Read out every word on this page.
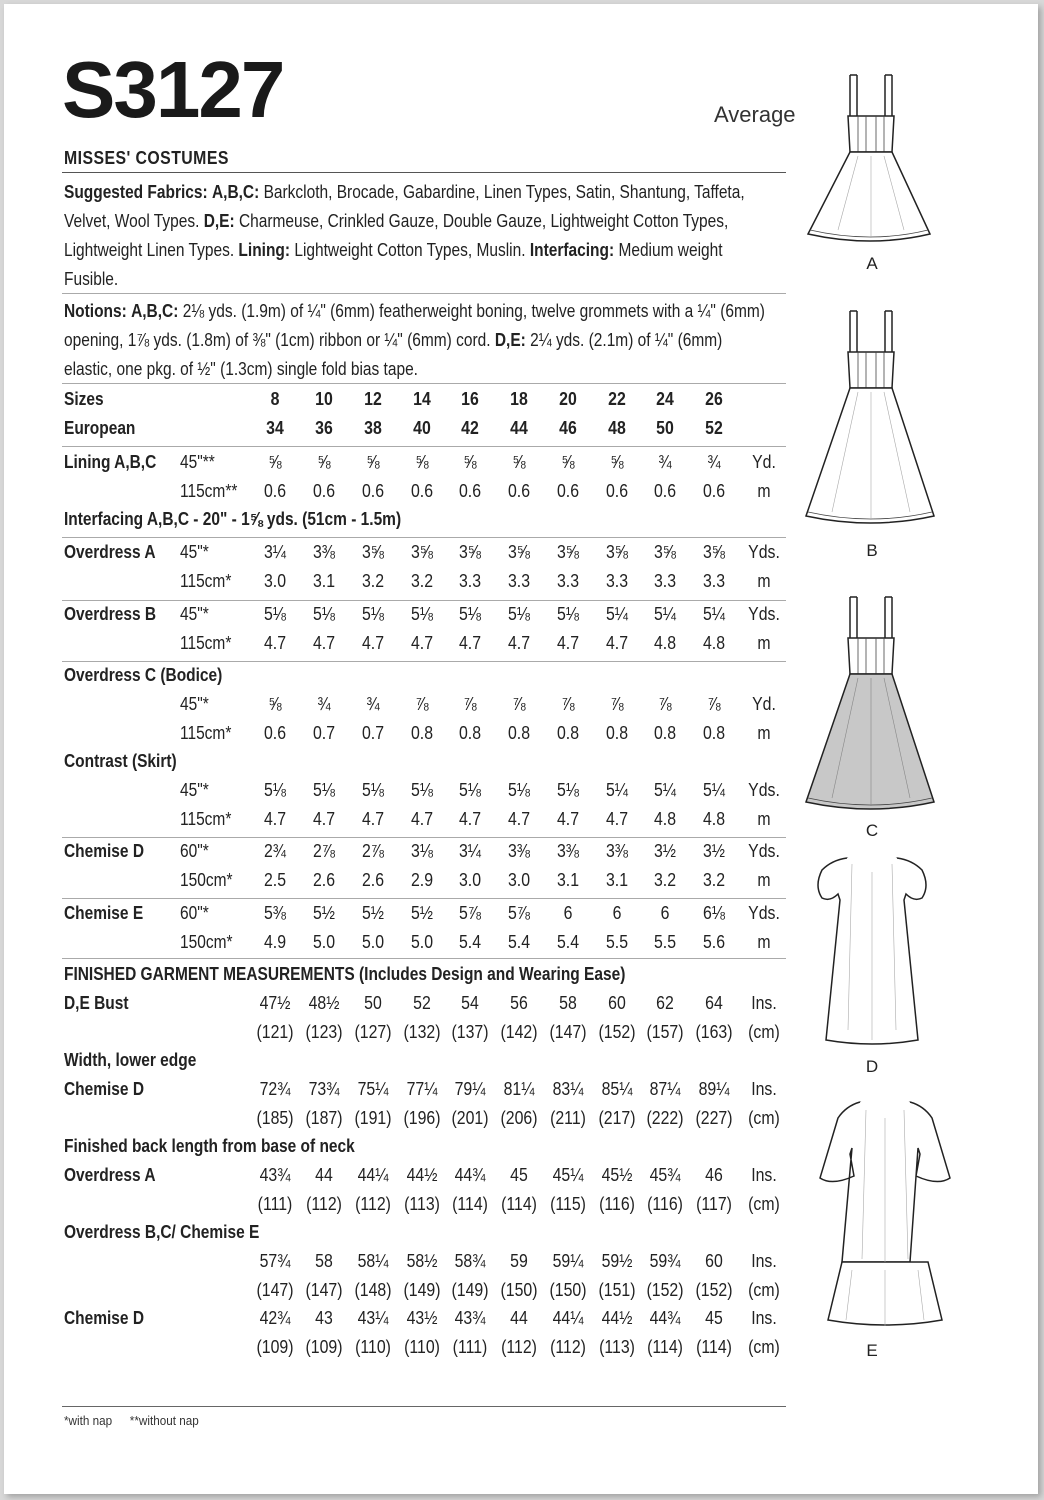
S3127	Average
MISSES' COSTUMES
Suggested Fabrics: A,B,C: Barkcloth, Brocade, Gabardine, Linen Types, Satin, Shantung, Taffeta, Velvet, Wool Types. D,E: Charmeuse, Crinkled Gauze, Double Gauze, Lightweight Cotton Types, Lightweight Linen Types. Lining: Lightweight Cotton Types, Muslin. Interfacing: Medium weight Fusible.
Notions: A,B,C: 2⅛ yds. (1.9m) of ¼" (6mm) featherweight boning, twelve grommets with a ¼" (6mm) opening, 1⅞ yds. (1.8m) of ⅜" (1cm) ribbon or ¼" (6mm) cord. D,E: 2¼ yds. (2.1m) of ¼" (6mm) elastic, one pkg. of ½" (1.3cm) single fold bias tape.
Sizes	8	10	12	14	16	18	20	22	24	26
European	34	36	38	40	42	44	46	48	50	52
Lining A,B,C 45"**	⅝	⅝	⅝	⅝	⅝	⅝	⅝	⅝	¾	¾	Yd.
115cm**	0.6	0.6	0.6	0.6	0.6	0.6	0.6	0.6	0.6	0.6	m
Interfacing A,B,C - 20" - 1⅝ yds. (51cm - 1.5m)
Overdress A 45"*	3¼	3⅜	3⅝	3⅝	3⅝	3⅝	3⅝	3⅝	3⅝	3⅝	Yds.
115cm*	3.0	3.1	3.2	3.2	3.3	3.3	3.3	3.3	3.3	3.3	m
Overdress B 45"*	5⅛	5⅛	5⅛	5⅛	5⅛	5⅛	5⅛	5¼	5¼	5¼	Yds.
115cm*	4.7	4.7	4.7	4.7	4.7	4.7	4.7	4.7	4.8	4.8	m
Overdress C (Bodice)
45"*	⅝	¾	¾	⅞	⅞	⅞	⅞	⅞	⅞	⅞	Yd.
115cm*	0.6	0.7	0.7	0.8	0.8	0.8	0.8	0.8	0.8	0.8	m
Contrast (Skirt)
45"*	5⅛	5⅛	5⅛	5⅛	5⅛	5⅛	5⅛	5¼	5¼	5¼	Yds.
115cm*	4.7	4.7	4.7	4.7	4.7	4.7	4.7	4.7	4.8	4.8	m
Chemise D 60"*	2¾	2⅞	2⅞	3⅛	3¼	3⅜	3⅜	3⅜	3½	3½	Yds.
150cm*	2.5	2.6	2.6	2.9	3.0	3.0	3.1	3.1	3.2	3.2	m
Chemise E 60"*	5⅜	5½	5½	5½	5⅞	5⅞	6	6	6	6⅛	Yds.
150cm*	4.9	5.0	5.0	5.0	5.4	5.4	5.4	5.5	5.5	5.6	m
FINISHED GARMENT MEASUREMENTS (Includes Design and Wearing Ease)
D,E Bust	47½	48½	50	52	54	56	58	60	62	64	Ins.
(121) (123) (127) (132) (137) (142) (147) (152) (157) (163) (cm)
Width, lower edge
Chemise D	72¾	73¾	75¼	77¼ 79¼	81¼	83¼	85¼ 87¼	89¼	Ins.
(185) (187) (191) (196) (201) (206) (211) (217) (222) (227) (cm)
Finished back length from base of neck
Overdress A	43¾	44	44¼	44½ 44¾	45	45¼	45½ 45¾	46	Ins.
(111) (112) (112) (113) (114) (114) (115) (116) (116) (117) (cm)
Overdress B,C/ Chemise E
57¾	58	58¼	58½ 58¾	59	59¼	59½ 59¾	60	Ins.
(147) (147) (148) (149) (149) (150) (150) (151) (152) (152) (cm)
Chemise D	42¾	43	43¼	43½ 43¾	44	44¼	44½ 44¾	45	Ins.
(109) (109) (110) (110) (111) (112) (112) (113) (114) (114) (cm)
*with nap **without nap
A
B
C
D
E
